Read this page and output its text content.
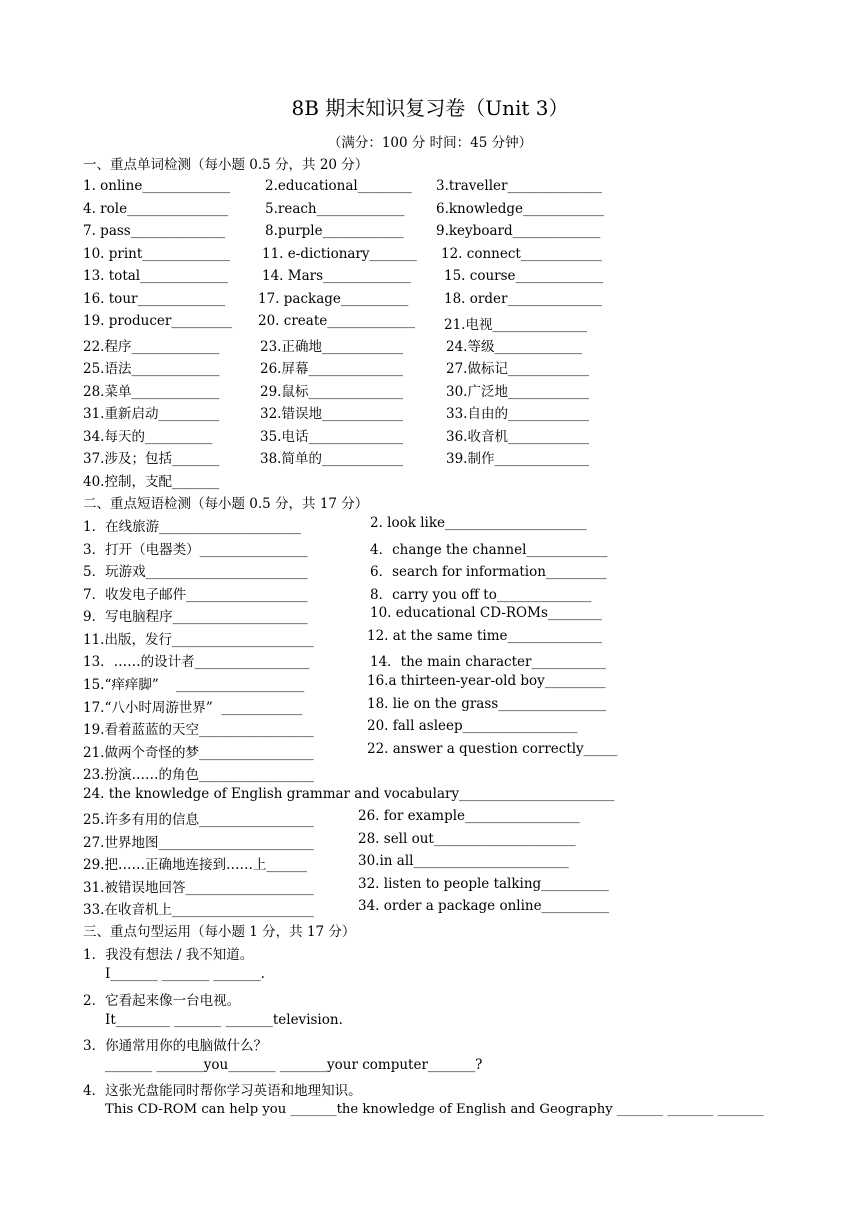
8B 期末知识复习卷（Unit 3）
（满分：100 分 时间：45 分钟）
一、重点单词检测（每小题 0.5 分，共 20 分）
1. online_____________	2.educational________ 3.traveller______________
4. role_______________	5.reach_____________ 6.knowledge____________
7. pass______________	8.purple____________ 9.keyboard_____________
10. print_____________ 11. e-dictionary_______ 12. connect____________
13. total_____________	14. Mars_____________ 15. course_____________
16. tour_____________ 17. package__________	18. order______________
19. producer_________ 20. create_____________ 21.电视______________
22.程序_____________	23.正确地____________	24.等级_____________
25.语法_____________	26.屏幕______________	27.做标记____________
28.菜单_____________	29.鼠标______________	30.广泛地____________
31.重新启动_________	32.错误地____________	33.自由的____________
34.每天的__________	35.电话______________	36.收音机____________
37.涉及；包括_______	38.简单的____________	39.制作______________
40.控制，支配_______
二、重点短语检测（每小题 0.5 分，共 17 分）
1．在线旅游_____________________	2. look like_____________________
3．打开（电器类）________________	4．change the channel____________
5．玩游戏________________________	6．search for information_________
7．收发电子邮件__________________	8．carry you off to______________
9．写电脑程序____________________	10. educational CD-ROMs________
11.出版，发行_____________________	12. at the same time______________
13．……的设计者_________________	14．the main character___________
15.“痒痒脚”    ___________________	16.a thirteen-year-old boy_________
17.“八小时周游世界”  ____________	18. lie on the grass________________
19.看着蓝蓝的天空_________________	20. fall asleep_________________
21.做两个奇怪的梦_________________	22. answer a question correctly_____
23.扮演……的角色_________________
24. the knowledge of English grammar and vocabulary_______________________
25.许多有用的信息_________________	26. for example_________________
27.世界地图_______________________	28. sell out_____________________
29.把……正确地连接到……上______	30.in all_______________________
31.被错误地回答___________________	32. listen to people talking__________
33.在收音机上_____________________	34. order a package online__________
三、重点句型运用（每小题 1 分，共 17 分）
1．我没有想法 / 我不知道。
I_______ _______ _______.
2．它看起来像一台电视。
It________ _______ _______television.
3．你通常用你的电脑做什么？
_______ _______you_______ _______your computer_______?
4．这张光盘能同时帮你学习英语和地理知识。
This CD-ROM can help you _______the knowledge of English and Geography _______ _______ _______
